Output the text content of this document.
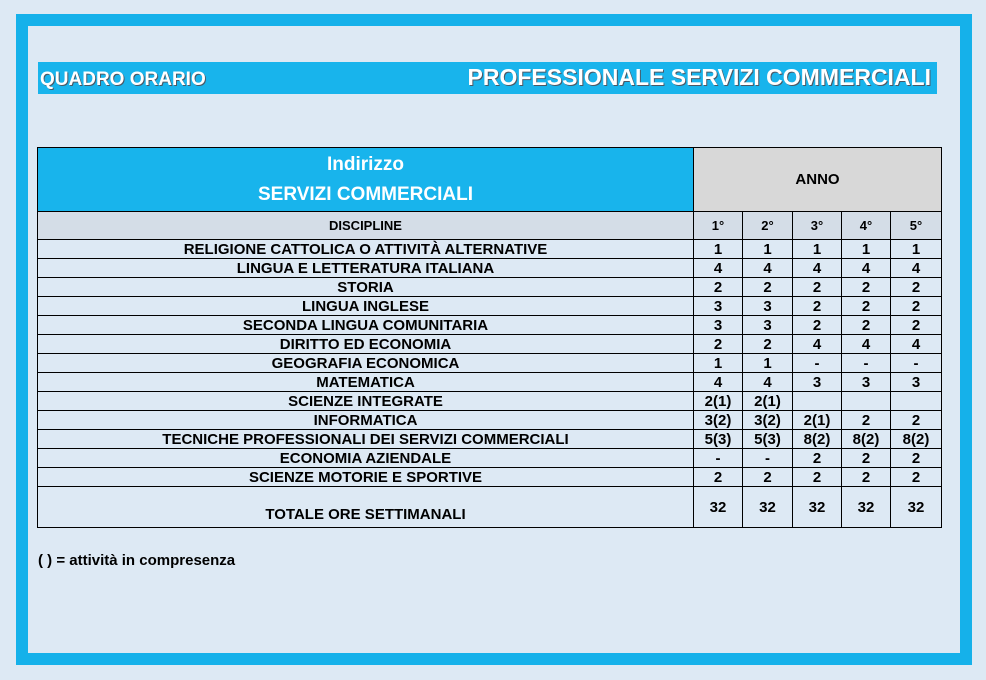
QUADRO ORARIO	PROFESSIONALE SERVIZI COMMERCIALI
Indirizzo
SERVIZI COMMERCIALI	ANNO				
DISCIPLINE	1°	2°	3°	4°	5°
RELIGIONE CATTOLICA O ATTIVITÀ ALTERNATIVE	1	1	1	1	1
LINGUA E LETTERATURA ITALIANA	4	4	4	4	4
STORIA	2	2	2	2	2
LINGUA INGLESE	3	3	2	2	2
SECONDA LINGUA COMUNITARIA	3	3	2	2	2
DIRITTO ED ECONOMIA	2	2	4	4	4
GEOGRAFIA ECONOMICA	1	1	-	-	-
MATEMATICA	4	4	3	3	3
SCIENZE INTEGRATE	2(1)	2(1)			
INFORMATICA	3(2)	3(2)	2(1)	2	2
TECNICHE PROFESSIONALI DEI SERVIZI COMMERCIALI	5(3)	5(3)	8(2)	8(2)	8(2)
ECONOMIA AZIENDALE	-	-	2	2	2
SCIENZE MOTORIE E SPORTIVE	2	2	2	2	2
TOTALE ORE SETTIMANALI	32	32	32	32	32
( ) = attività in compresenza
